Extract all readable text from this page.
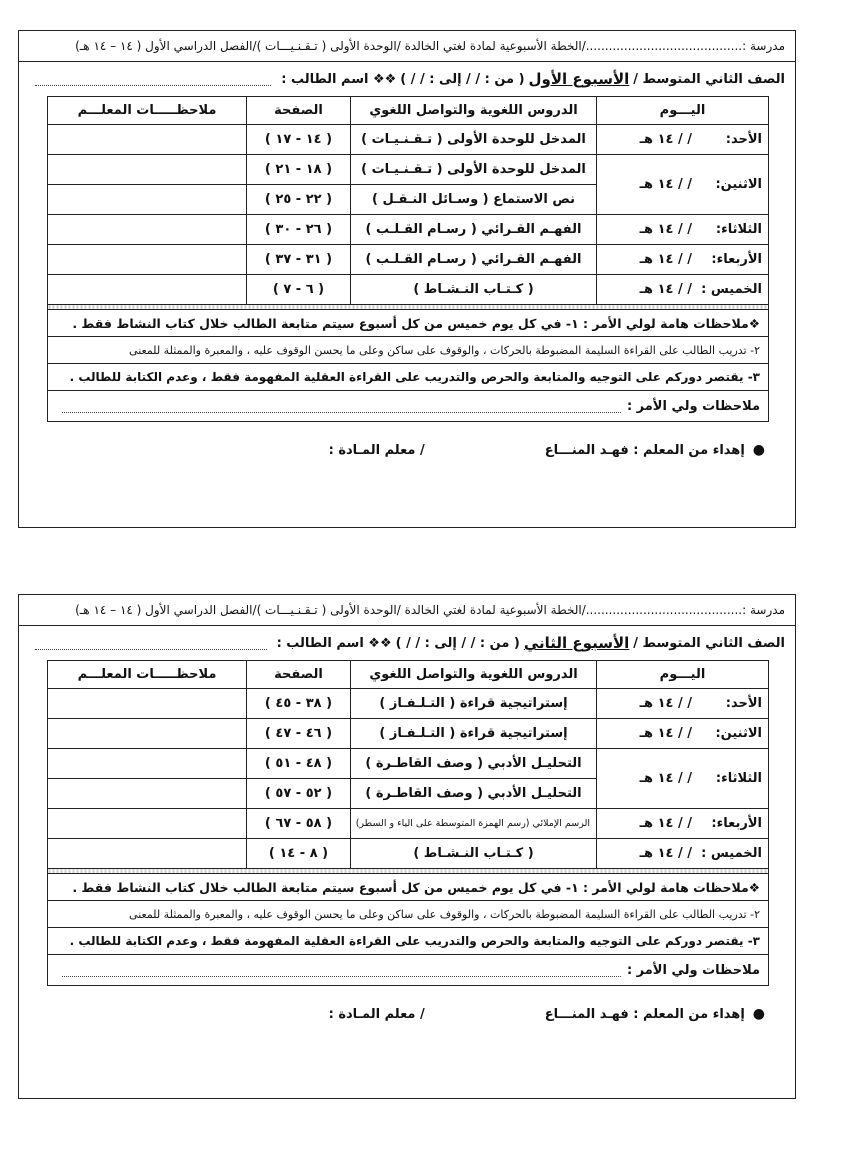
مدرسة :........................................./الخطة الأسبوعية لمادة لغتي الخالدة /الوحدة الأولى ( تـقـنـيـــات )/الفصل الدراسي الأول ( ١٤ – ١٤ هـ)
الصف الثاني المتوسط /
الأسبوع الأول
( من : / / إلى : / / )
❖❖ اسم الطالب :
اليـــوم	الدروس اللغوية والتواصل اللغوي	الصفحة	ملاحظـــــات المعلـــم
الأحد:/ / ١٤ هـ	المدخل للوحدة الأولى ( تـقـنـيـات )	( ١٤ - ١٧ )	
الاثنين:/ / ١٤ هـ	المدخل للوحدة الأولى ( تـقـنـيـات )	( ١٨ - ٢١ )	
	نص الاستماع ( وسـائل النـقـل )	( ٢٢ - ٢٥ )	
الثلاثاء:/ / ١٤ هـ	الفهـم القـرائي ( رسـام القـلـب )	( ٢٦ - ٣٠ )	
الأربعاء:/ / ١٤ هـ	الفهـم القـرائي ( رسـام القـلـب )	( ٣١ - ٣٧ )	
الخميس :/ / ١٤ هـ	( كـتـاب النـشـاط )	( ٦ - ٧ )	

❖ملاحظات هامة لولي الأمر : ١- في كل يوم خميس من كل أسبوع سيتم متابعة الطالب خلال كتاب النشاط فقط .
٢- تدريب الطالب على القراءة السليمة المضبوطة بالحركات ، والوقوف على ساكن وعلى ما يحسن الوقوف عليه ، والمعبرة والممثلة للمعنى
٣- يقتصر دوركم على التوجيه والمتابعة والحرص والتدريب على القراءة العقلية المفهومة فقط ، وعدم الكتابة للطالب .
ملاحظات ولي الأمر :
●
إهداء من المعلم : فهـد المنـــاع
/ معلم المـادة :
مدرسة :........................................./الخطة الأسبوعية لمادة لغتي الخالدة /الوحدة الأولى ( تـقـنـيـــات )/الفصل الدراسي الأول ( ١٤ – ١٤ هـ)
الصف الثاني المتوسط /
الأسبوع الثاني
( من : / / إلى : / / )
❖❖ اسم الطالب :
اليـــوم	الدروس اللغوية والتواصل اللغوي	الصفحة	ملاحظـــــات المعلـــم
الأحد:/ / ١٤ هـ	إستراتيجية قراءة ( التـلـفـاز )	( ٣٨ - ٤٥ )	
الاثنين:/ / ١٤ هـ	إستراتيجية قراءة ( التـلـفـاز )	( ٤٦ - ٤٧ )	
الثلاثاء:/ / ١٤ هـ	التحليـل الأدبي ( وصف القاطـرة )	( ٤٨ - ٥١ )	
	التحليـل الأدبي ( وصف القاطـرة )	( ٥٢ - ٥٧ )	
الأربعاء:/ / ١٤ هـ	الرسم الإملائي (رسم الهمزة المتوسطة على الياء و السطر)	( ٥٨ - ٦٧ )	
الخميس :/ / ١٤ هـ	( كـتـاب النـشـاط )	( ٨ - ١٤ )	

❖ملاحظات هامة لولي الأمر : ١- في كل يوم خميس من كل أسبوع سيتم متابعة الطالب خلال كتاب النشاط فقط .
٢- تدريب الطالب على القراءة السليمة المضبوطة بالحركات ، والوقوف على ساكن وعلى ما يحسن الوقوف عليه ، والمعبرة والممثلة للمعنى
٣- يقتصر دوركم على التوجيه والمتابعة والحرص والتدريب على القراءة العقلية المفهومة فقط ، وعدم الكتابة للطالب .
ملاحظات ولي الأمر :
●
إهداء من المعلم : فهـد المنـــاع
/ معلم المـادة :
